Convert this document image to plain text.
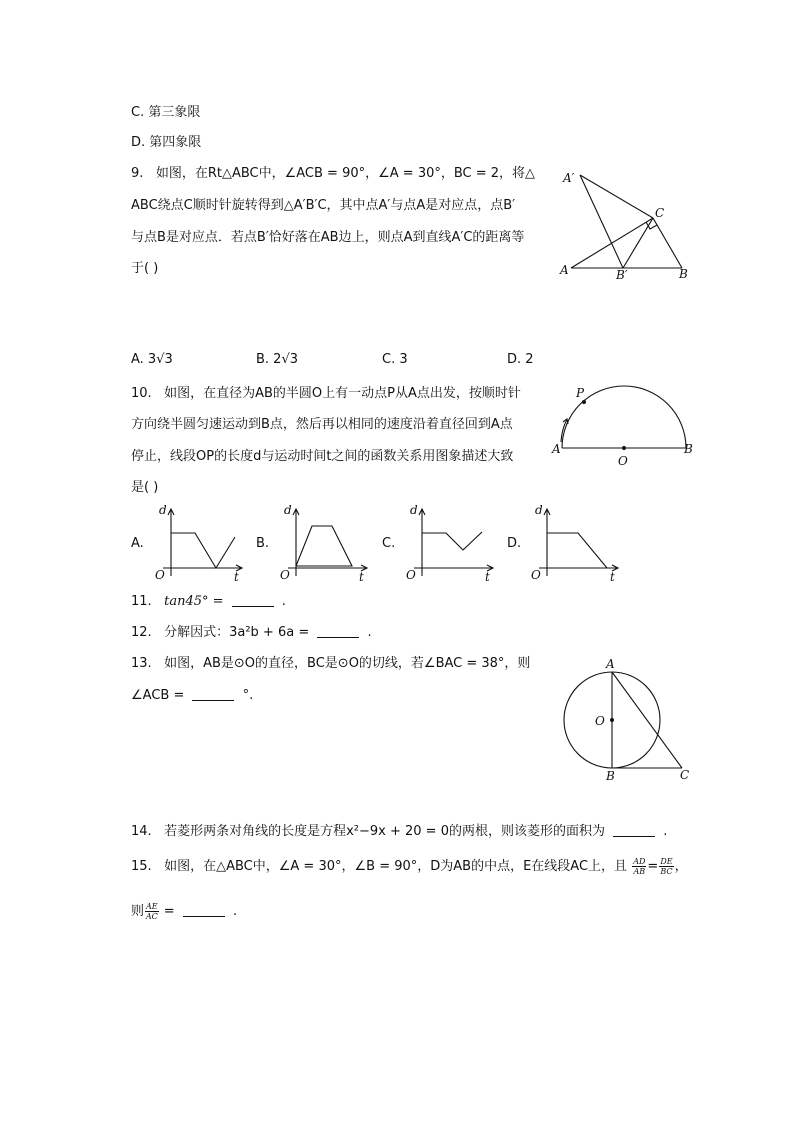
C. 第三象限
D. 第四象限
9. 如图，在Rt△ABC中，∠ACB = 90°，∠A = 30°，BC = 2，将△
ABC绕点C顺时针旋转得到△A′B′C，其中点A′与点A是对应点，点B′
与点B是对应点．若点B′恰好落在AB边上，则点A到直线A′C的距离等
于( )
A′
C
A	B′	B
A. 3√3	B. 2√3	C. 3	D. 2
10. 如图，在直径为AB的半圆O上有一动点P从A点出发，按顺时针
方向绕半圆匀速运动到B点，然后再以相同的速度沿着直径回到A点
停止，线段OP的长度d与运动时间t之间的函数关系用图象描述大致
是( )
P
A
O
B
A.
d
O	t
B.
d
O	t
C.
d
O	t
D.
d
O	t
11. tan45° =	.
12. 分解因式：3a²b + 6a =	.
13. 如图，AB是⊙O的直径，BC是⊙O的切线，若∠BAC = 38°，则
∠ACB =	°.
A
O
B	C
14. 若菱形两条对角线的长度是方程x²−9x + 20 = 0的两根，则该菱形的面积为	.
15. 如图，在△ABC中，∠A = 30°，∠B = 90°，D为AB的中点，E在线段AC上，且 $\frac{AD}{AB} = \frac{DE}{BC}$ ，
则 $\frac{AE}{AC}$ =	.
